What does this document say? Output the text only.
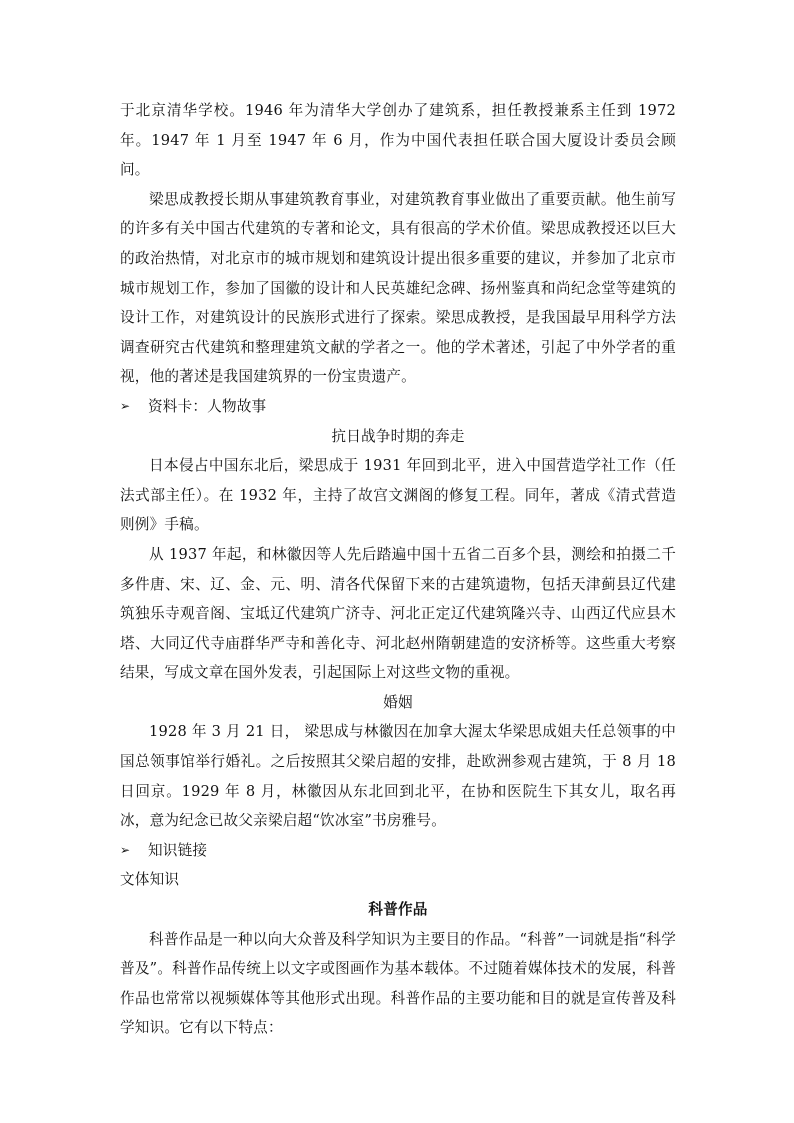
于北京清华学校。1946 年为清华大学创办了建筑系，担任教授兼系主任到 1972 年。1947 年 1 月至 1947 年 6 月，作为中国代表担任联合国大厦设计委员会顾问。

梁思成教授长期从事建筑教育事业，对建筑教育事业做出了重要贡献。他生前写的许多有关中国古代建筑的专著和论文，具有很高的学术价值。梁思成教授还以巨大的政治热情，对北京市的城市规划和建筑设计提出很多重要的建议，并参加了北京市城市规划工作，参加了国徽的设计和人民英雄纪念碑、扬州鉴真和尚纪念堂等建筑的设计工作，对建筑设计的民族形式进行了探索。梁思成教授，是我国最早用科学方法调查研究古代建筑和整理建筑文献的学者之一。他的学术著述，引起了中外学者的重视，他的著述是我国建筑界的一份宝贵遗产。

➢	资料卡：人物故事

抗日战争时期的奔走

日本侵占中国东北后，梁思成于 1931 年回到北平，进入中国营造学社工作（任法式部主任）。在 1932 年，主持了故宫文渊阁的修复工程。同年，著成《清式营造则例》手稿。

从 1937 年起，和林徽因等人先后踏遍中国十五省二百多个县，测绘和拍摄二千多件唐、宋、辽、金、元、明、清各代保留下来的古建筑遗物，包括天津蓟县辽代建筑独乐寺观音阁、宝坻辽代建筑广济寺、河北正定辽代建筑隆兴寺、山西辽代应县木塔、大同辽代寺庙群华严寺和善化寺、河北赵州隋朝建造的安济桥等。这些重大考察结果，写成文章在国外发表，引起国际上对这些文物的重视。

婚姻

1928 年 3 月 21 日， 梁思成与林徽因在加拿大渥太华梁思成姐夫任总领事的中国总领事馆举行婚礼。之后按照其父梁启超的安排，赴欧洲参观古建筑，于 8 月 18 日回京。1929 年 8 月，林徽因从东北回到北平，在协和医院生下其女儿，取名再冰，意为纪念已故父亲梁启超“饮冰室”书房雅号。

➢	知识链接

文体知识

科普作品

科普作品是一种以向大众普及科学知识为主要目的作品。“科普”一词就是指“科学普及”。科普作品传统上以文字或图画作为基本载体。不过随着媒体技术的发展，科普作品也常常以视频媒体等其他形式出现。科普作品的主要功能和目的就是宣传普及科学知识。它有以下特点：
